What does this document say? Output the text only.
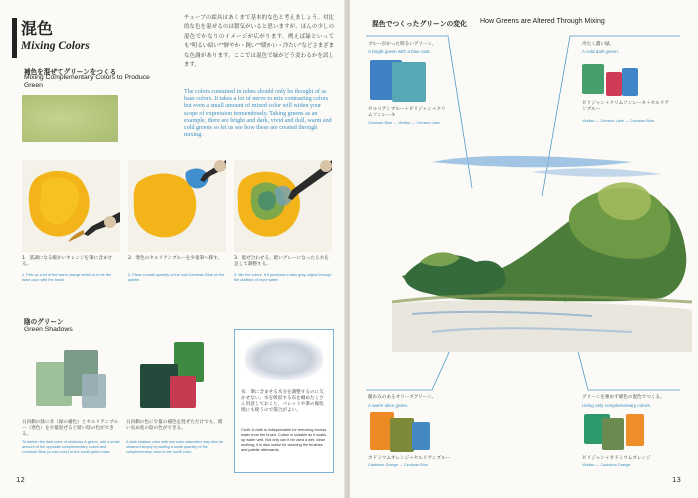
混色
Mixing Colors
チューブの絵具はあくまで基本的な色と考えましょう。対比的な色を混ぜるのは積気がいると思いますが、ほんの少しの混色でかなりのイメージが広がります。例えば緑といっても"明るい暗い""鮮やか・鈍い""暖かい・冷たい"などさまざまな色調があります。ここでは混色で緑がどう変わるかを試します。
The colors contained in tubes should only be thought of as base colors. It takes a lot of nerve to mix contrasting colors but even a small amount of mixed color will widen your scope of expression tremendously. Taking greens as an example, there are bright and dark, vivid and dull, warm and cold greens so let us see how these are created through mixing.
補色を混ぜてグリーンをつくる
Mixing Complementary Colors to Produce Green
1．基調になる暖かいオレンジを筆に含ませる。
1. Pick up a bit of the warm orange which is to be the base color with the brush.
2．寒色のセルリアンブルーを少量筆へ移す。
2. Place a small quantity of the cold Cerulean Blue on the palette.
3．混ぜ合わせる。暗いグレーになったら水を足して調整する。
3. Mix the colors. If it produces a dark gray, adjust through the addition of more water.
陰のグリーン
Green Shadows
布：筆に含ませる水分を調整するのに欠かせない。水を吸収する布を織めたくさん用意しておくと、パレットや筆の後処理にも使うので都合がよい。
Cloth: A cloth is indispensable for removing excess water from the brush. Cotton is suitable as it soaks up water well. Not only can it be used a wet, clean working, it is also useful for cleaning the brushes and palette afterwards.
日向側の緑に赤（緑の補色）とセルリアンブルー（寒色）を少量混ぜると暗い陰の色ができる。
To darken the dark color of shadows in green, add a small amount of the opposite complementary colors and Cerulean Blue (a cold color) to the sunlit green base.
日向側の色に少量の補色を混ぜただけでも、暗い長め度の陰の色ができる。
A dark shadow color with low color saturation may also be obtained simply by adding a small quantity of the complementary color to the sunlit color.
12
混色でつくったグリーンの変化 How Greens are Altered Through Mixing
A bright green with a blue cast.
ブルーがかった明るいグリーン。
セルリアンブルー＋ビリジャン＋クリムソンレーキ
Cerulean Blue → Viridian → Crimson Lake
冷たく濃い緑。
A cold dark green.
ビリジャン＋クリムソンレーキ＋セルリアンブルー
Viridian → Crimson Lake → Cerulean Blue
暖かみのあるオリーブグリーン。
A warm olive green.
カドミウムオレンジ＋セルリアンブルー
Cadmium Orange → Cerulean Blue
グリーンを強めず補色の混色でつくる。
Using only complementary colors.
ビリジャン＋カドミウムオレンジ
Viridian → Cadmium Orange
13
